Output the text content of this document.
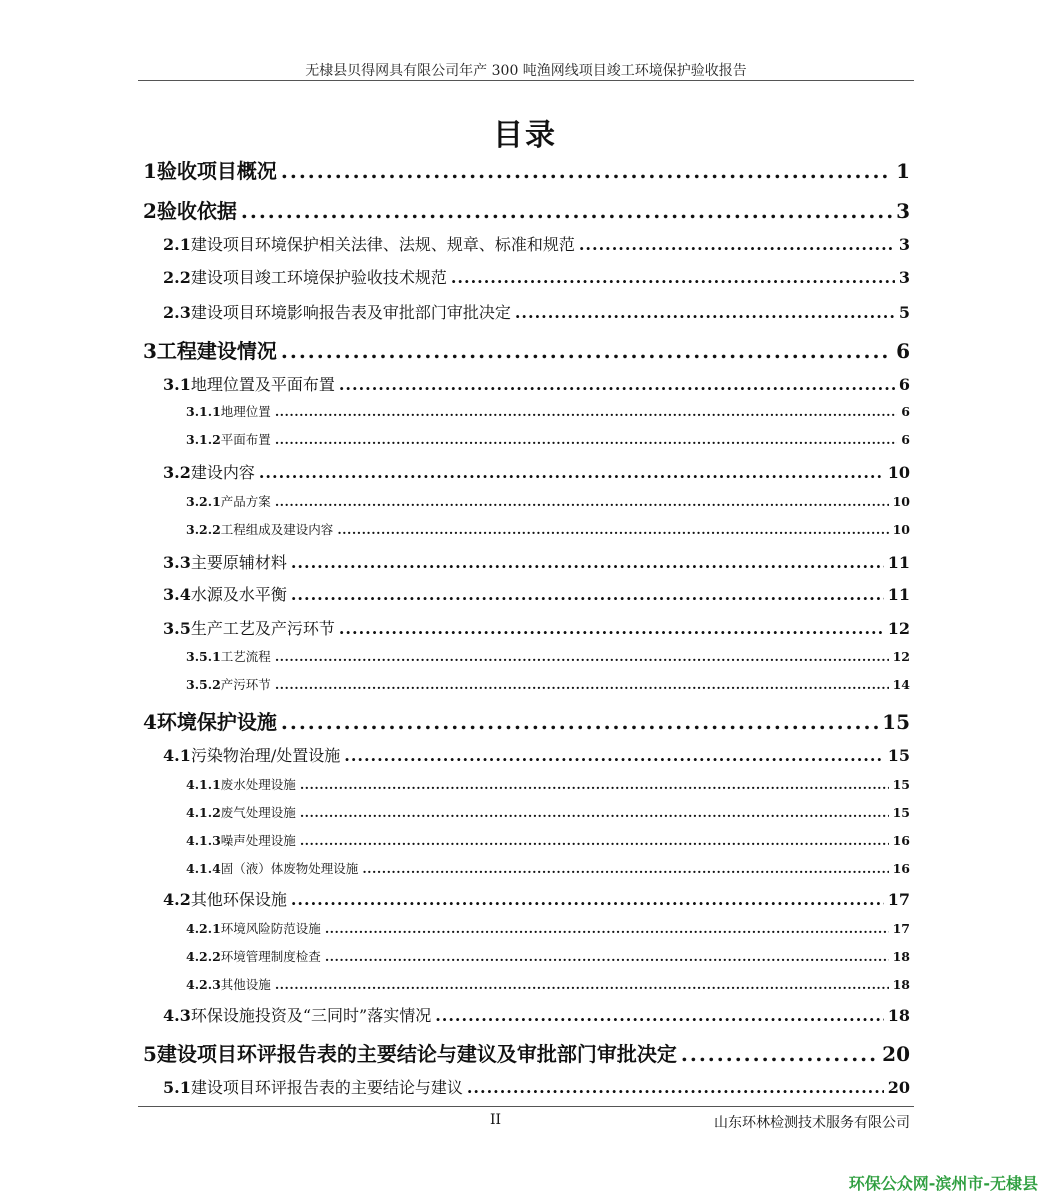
无棣县贝得网具有限公司年产 300 吨渔网线项目竣工环境保护验收报告
目录
1 验收项目概况 .....	1
2 验收依据 .....	3
2.1 建设项目环境保护相关法律、法规、规章、标准和规范 .....	3
2.2 建设项目竣工环境保护验收技术规范 .....	3
2.3 建设项目环境影响报告表及审批部门审批决定 .....	5
3 工程建设情况 .....	6
3.1 地理位置及平面布置 .....	6
3.1.1 地理位置 .....	6
3.1.2 平面布置 .....	6
3.2 建设内容 .....	10
3.2.1 产品方案 .....	10
3.2.2 工程组成及建设内容 .....	10
3.3 主要原辅材料 .....	11
3.4 水源及水平衡 .....	11
3.5 生产工艺及产污环节 .....	12
3.5.1 工艺流程 .....	12
3.5.2 产污环节 .....	14
4 环境保护设施 .....	15
4.1 污染物治理/处置设施 .....	15
4.1.1 废水处理设施 .....	15
4.1.2 废气处理设施 .....	15
4.1.3 噪声处理设施 .....	16
4.1.4 固（液）体废物处理设施 .....	16
4.2 其他环保设施 .....	17
4.2.1 环境风险防范设施 .....	17
4.2.2 环境管理制度检查 .....	18
4.2.3 其他设施 .....	18
4.3 环保设施投资及“三同时”落实情况 .....	18
5 建设项目环评报告表的主要结论与建议及审批部门审批决定 .....	20
5.1 建设项目环评报告表的主要结论与建议 .....	20
II	山东环林检测技术服务有限公司
环保公众网-滨州市-无棣县
